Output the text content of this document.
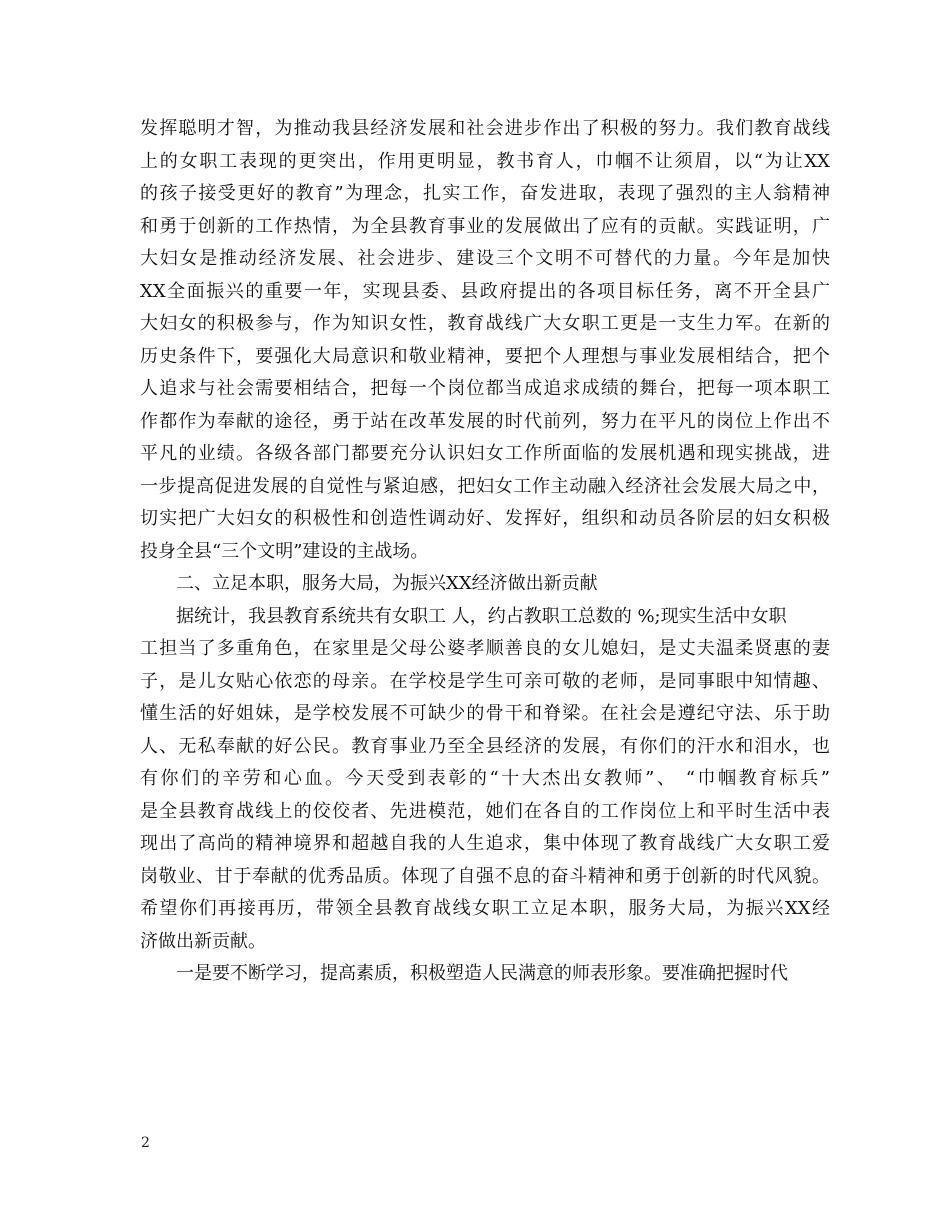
发挥聪明才智，为推动我县经济发展和社会进步作出了积极的努力。我们教育战线
上的女职工表现的更突出，作用更明显，教书育人，巾帼不让须眉，以“为让XX
的孩子接受更好的教育”为理念，扎实工作，奋发进取，表现了强烈的主人翁精神
和勇于创新的工作热情，为全县教育事业的发展做出了应有的贡献。实践证明，广
大妇女是推动经济发展、社会进步、建设三个文明不可替代的力量。今年是加快
XX全面振兴的重要一年，实现县委、县政府提出的各项目标任务，离不开全县广
大妇女的积极参与，作为知识女性，教育战线广大女职工更是一支生力军。在新的
历史条件下，要强化大局意识和敬业精神，要把个人理想与事业发展相结合，把个
人追求与社会需要相结合，把每一个岗位都当成追求成绩的舞台，把每一项本职工
作都作为奉献的途径，勇于站在改革发展的时代前列，努力在平凡的岗位上作出不
平凡的业绩。各级各部门都要充分认识妇女工作所面临的发展机遇和现实挑战，进
一步提高促进发展的自觉性与紧迫感，把妇女工作主动融入经济社会发展大局之中，
切实把广大妇女的积极性和创造性调动好、发挥好，组织和动员各阶层的妇女积极
投身全县“三个文明”建设的主战场。
二、立足本职，服务大局，为振兴XX经济做出新贡献
据统计，我县教育系统共有女职工 人，约占教职工总数的 %;现实生活中女职
工担当了多重角色，在家里是父母公婆孝顺善良的女儿媳妇，是丈夫温柔贤惠的妻
子，是儿女贴心依恋的母亲。在学校是学生可亲可敬的老师，是同事眼中知情趣、
懂生活的好姐妹，是学校发展不可缺少的骨干和脊梁。在社会是遵纪守法、乐于助
人、无私奉献的好公民。教育事业乃至全县经济的发展，有你们的汗水和泪水，也
有你们的辛劳和心血。今天受到表彰的“十大杰出女教师”、 “巾帼教育标兵”
是全县教育战线上的佼佼者、先进模范，她们在各自的工作岗位上和平时生活中表
现出了高尚的精神境界和超越自我的人生追求，集中体现了教育战线广大女职工爱
岗敬业、甘于奉献的优秀品质。体现了自强不息的奋斗精神和勇于创新的时代风貌。
希望你们再接再历，带领全县教育战线女职工立足本职，服务大局，为振兴XX经
济做出新贡献。
一是要不断学习，提高素质，积极塑造人民满意的师表形象。要准确把握时代
2
